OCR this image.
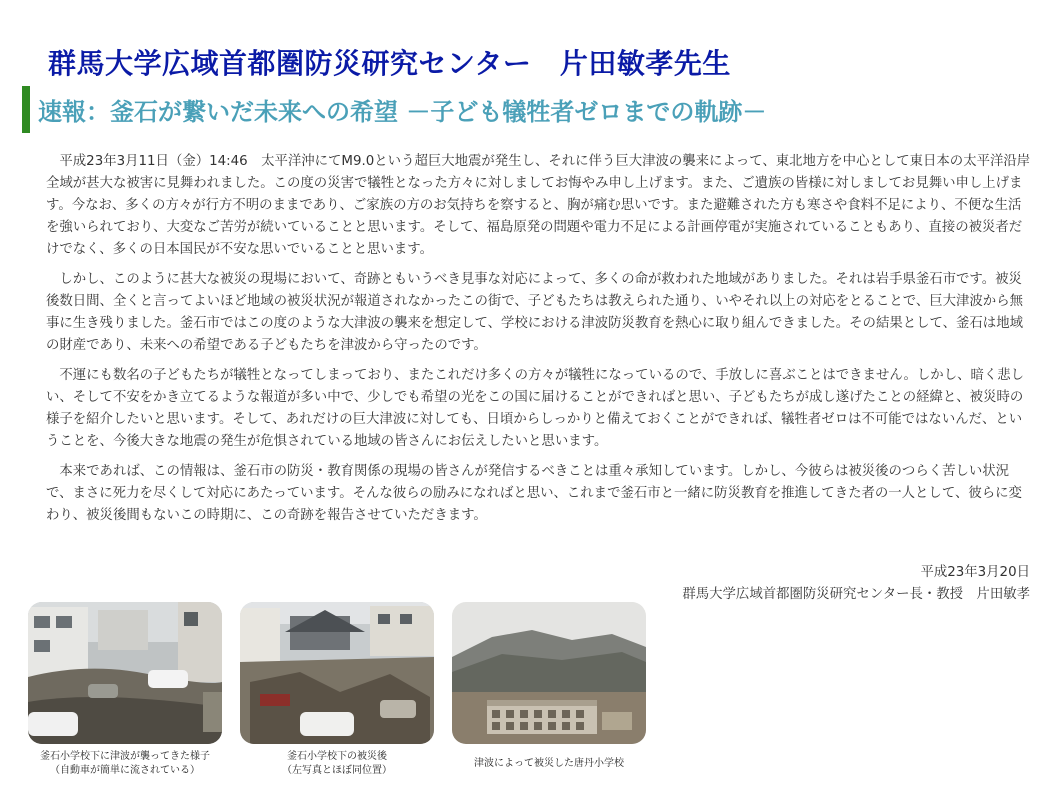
群馬大学広域首都圏防災研究センター　片田敏孝先生
速報：釜石が繋いだ未来への希望 －子ども犠牲者ゼロまでの軌跡－

平成23年3月11日（金）14:46　太平洋沖にてM9.0という超巨大地震が発生し、それに伴う巨大津波の襲来によって、東北地方を中心として東日本の太平洋沿岸全域が甚大な被害に見舞われました。この度の災害で犠牲となった方々に対しましてお悔やみ申し上げます。また、ご遺族の皆様に対しましてお見舞い申し上げます。今なお、多くの方々が行方不明のままであり、ご家族の方のお気持ちを察すると、胸が痛む思いです。また避難された方も寒さや食料不足により、不便な生活を強いられており、大変なご苦労が続いていることと思います。そして、福島原発の問題や電力不足による計画停電が実施されていることもあり、直接の被災者だけでなく、多くの日本国民が不安な思いでいることと思います。

しかし、このように甚大な被災の現場において、奇跡ともいうべき見事な対応によって、多くの命が救われた地域がありました。それは岩手県釜石市です。被災後数日間、全くと言ってよいほど地域の被災状況が報道されなかったこの街で、子どもたちは教えられた通り、いやそれ以上の対応をとることで、巨大津波から無事に生き残りました。釜石市ではこの度のような大津波の襲来を想定して、学校における津波防災教育を熱心に取り組んできました。その結果として、釜石は地域の財産であり、未来への希望である子どもたちを津波から守ったのです。

不運にも数名の子どもたちが犠牲となってしまっており、またこれだけ多くの方々が犠牲になっているので、手放しに喜ぶことはできません。しかし、暗く悲しい、そして不安をかき立てるような報道が多い中で、少しでも希望の光をこの国に届けることができればと思い、子どもたちが成し遂げたことの経緯と、被災時の様子を紹介したいと思います。そして、あれだけの巨大津波に対しても、日頃からしっかりと備えておくことができれば、犠牲者ゼロは不可能ではないんだ、ということを、今後大きな地震の発生が危惧されている地域の皆さんにお伝えしたいと思います。

本来であれば、この情報は、釜石市の防災・教育関係の現場の皆さんが発信するべきことは重々承知しています。しかし、今彼らは被災後のつらく苦しい状況で、まさに死力を尽くして対応にあたっています。そんな彼らの励みになればと思い、これまで釜石市と一緒に防災教育を推進してきた者の一人として、彼らに変わり、被災後間もないこの時期に、この奇跡を報告させていただきます。

平成23年3月20日
群馬大学広域首都圏防災研究センター長・教授　片田敏孝
釜石小学校下に津波が襲ってきた様子
（自動車が簡単に流されている）
釜石小学校下の被災後
（左写真とほぼ同位置）
津波によって被災した唐丹小学校
